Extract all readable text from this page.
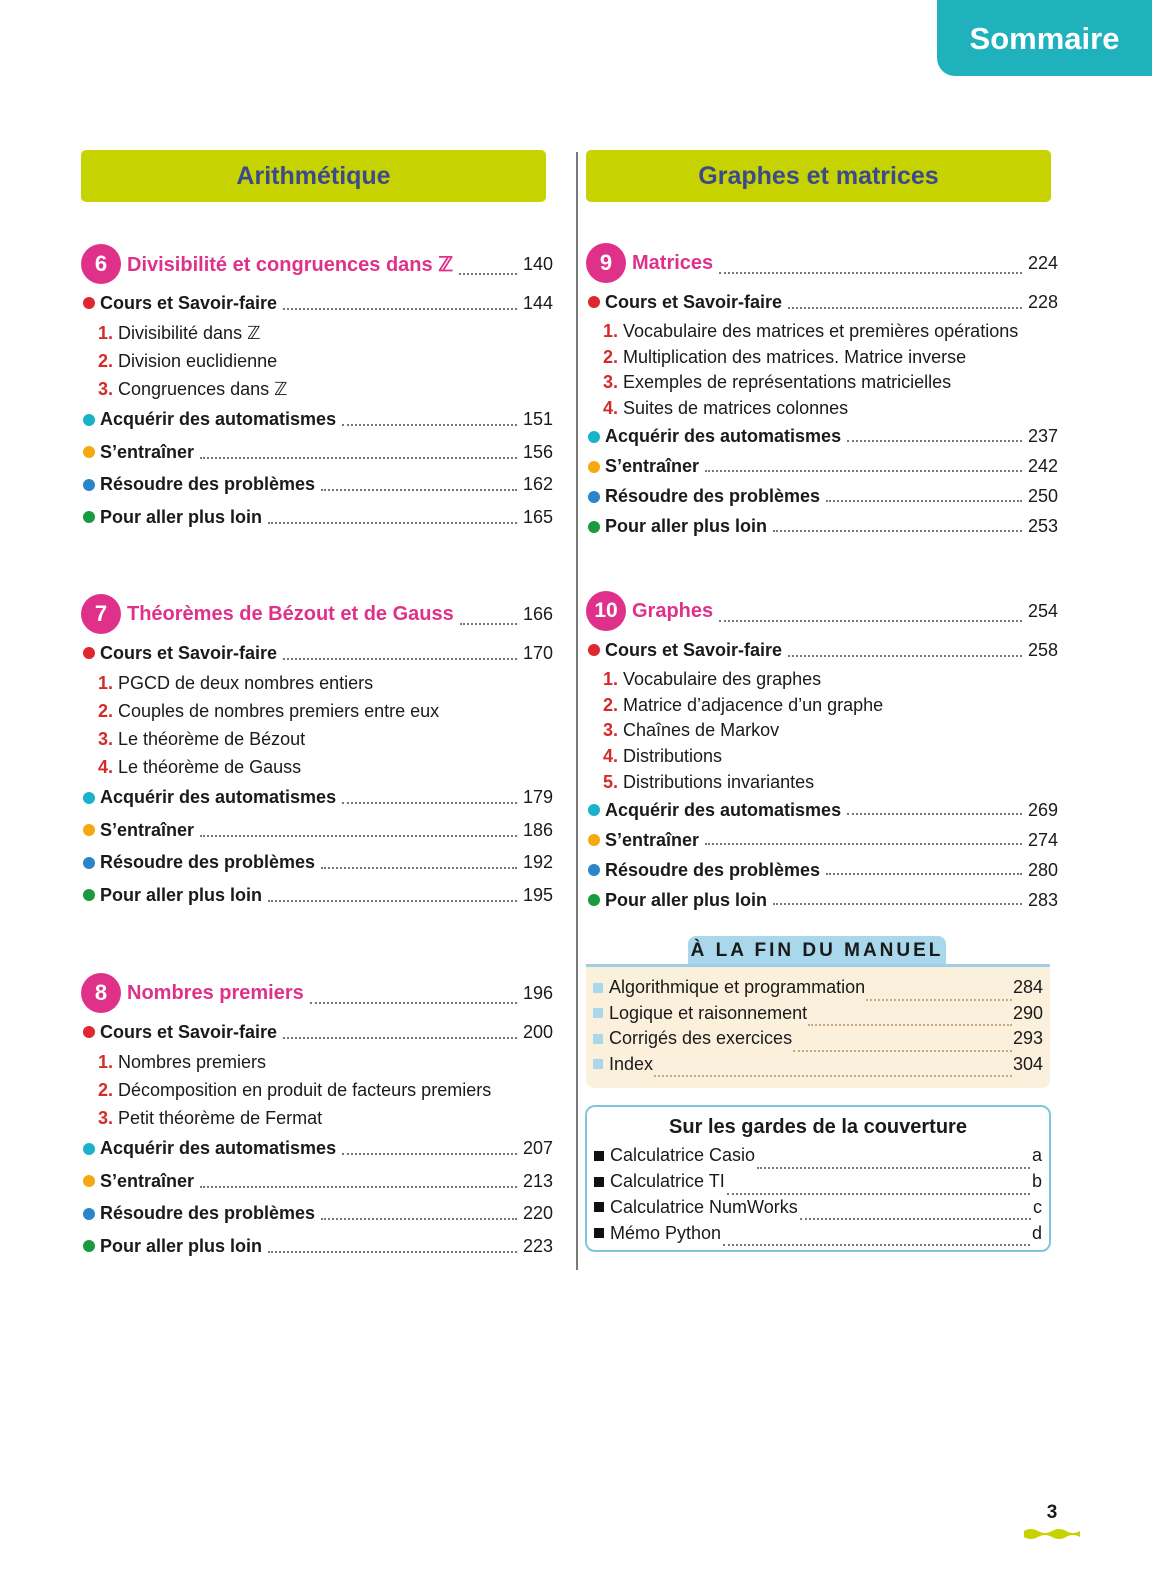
Sommaire
Arithmétique	Graphes et matrices
6 Divisibilité et congruences dans ℤ	140
Cours et Savoir-faire	144
1. Divisibilité dans ℤ
2. Division euclidienne
3. Congruences dans ℤ
Acquérir des automatismes	151
S’entraîner	156
Résoudre des problèmes	162
Pour aller plus loin	165
7 Théorèmes de Bézout et de Gauss	166
Cours et Savoir-faire	170
1. PGCD de deux nombres entiers
2. Couples de nombres premiers entre eux
3. Le théorème de Bézout
4. Le théorème de Gauss
Acquérir des automatismes	179
S’entraîner	186
Résoudre des problèmes	192
Pour aller plus loin	195
8 Nombres premiers	196
Cours et Savoir-faire	200
1. Nombres premiers
2. Décomposition en produit de facteurs premiers
3. Petit théorème de Fermat
Acquérir des automatismes	207
S’entraîner	213
Résoudre des problèmes	220
Pour aller plus loin	223
9 Matrices	224
Cours et Savoir-faire	228
1. Vocabulaire des matrices et premières opérations
2. Multiplication des matrices. Matrice inverse
3. Exemples de représentations matricielles
4. Suites de matrices colonnes
Acquérir des automatismes	237
S’entraîner	242
Résoudre des problèmes	250
Pour aller plus loin	253
10 Graphes	254
Cours et Savoir-faire	258
1. Vocabulaire des graphes
2. Matrice d’adjacence d’un graphe
3. Chaînes de Markov
4. Distributions
5. Distributions invariantes
Acquérir des automatismes	269
S’entraîner	274
Résoudre des problèmes	280
Pour aller plus loin	283
À LA FIN DU MANUEL
Algorithmique et programmation	284
Logique et raisonnement	290
Corrigés des exercices	293
Index	304
Sur les gardes de la couverture
Calculatrice Casio	a
Calculatrice TI	b
Calculatrice NumWorks	c
Mémo Python	d
3
